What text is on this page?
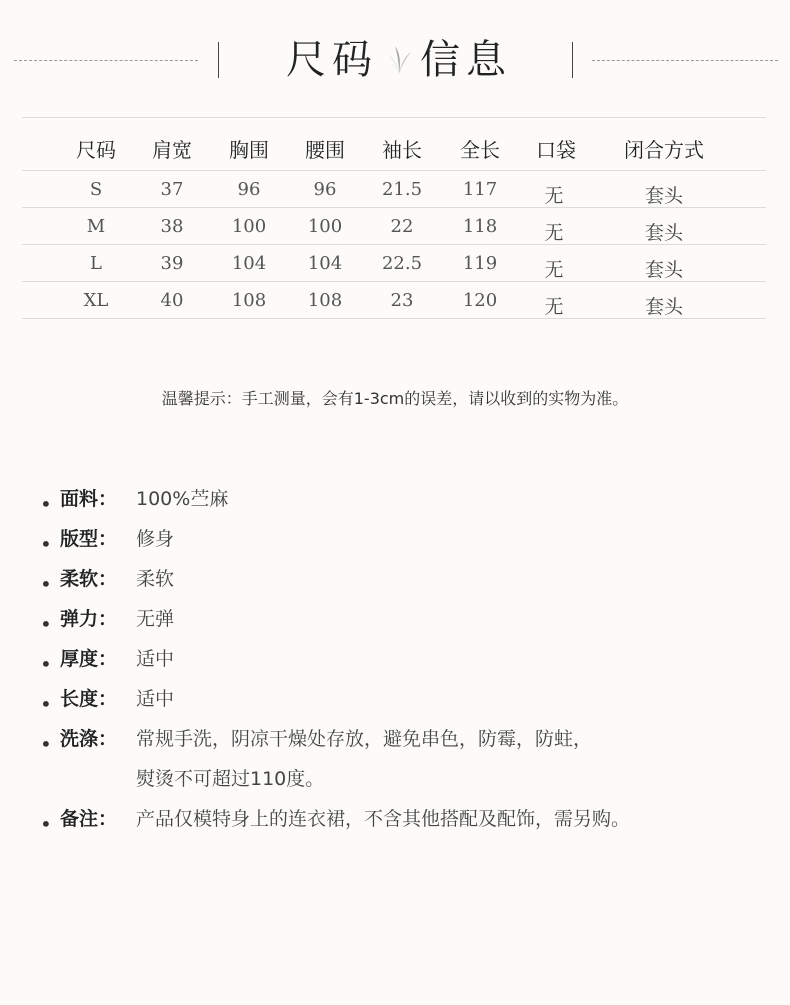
尺码 信息
尺码 肩宽 胸围 腰围 袖长 全长 口袋 闭合方式
S	37	96	96	21.5 117 无	套头
M	38	100 100	22	118 无	套头
L	39	104 104 22.5 119 无	套头
XL	40	108 108	23	120 无	套头
温馨提示：手工测量，会有1-3cm的误差，请以收到的实物为准。
• 面料： 100%苎麻
• 版型： 修身
• 柔软： 柔软
• 弹力： 无弹
• 厚度： 适中
• 长度： 适中
• 洗涤： 常规手洗，阴凉干燥处存放，避免串色，防霉，防蛀，
熨烫不可超过110度。
• 备注： 产品仅模特身上的连衣裙，不含其他搭配及配饰，需另购。
